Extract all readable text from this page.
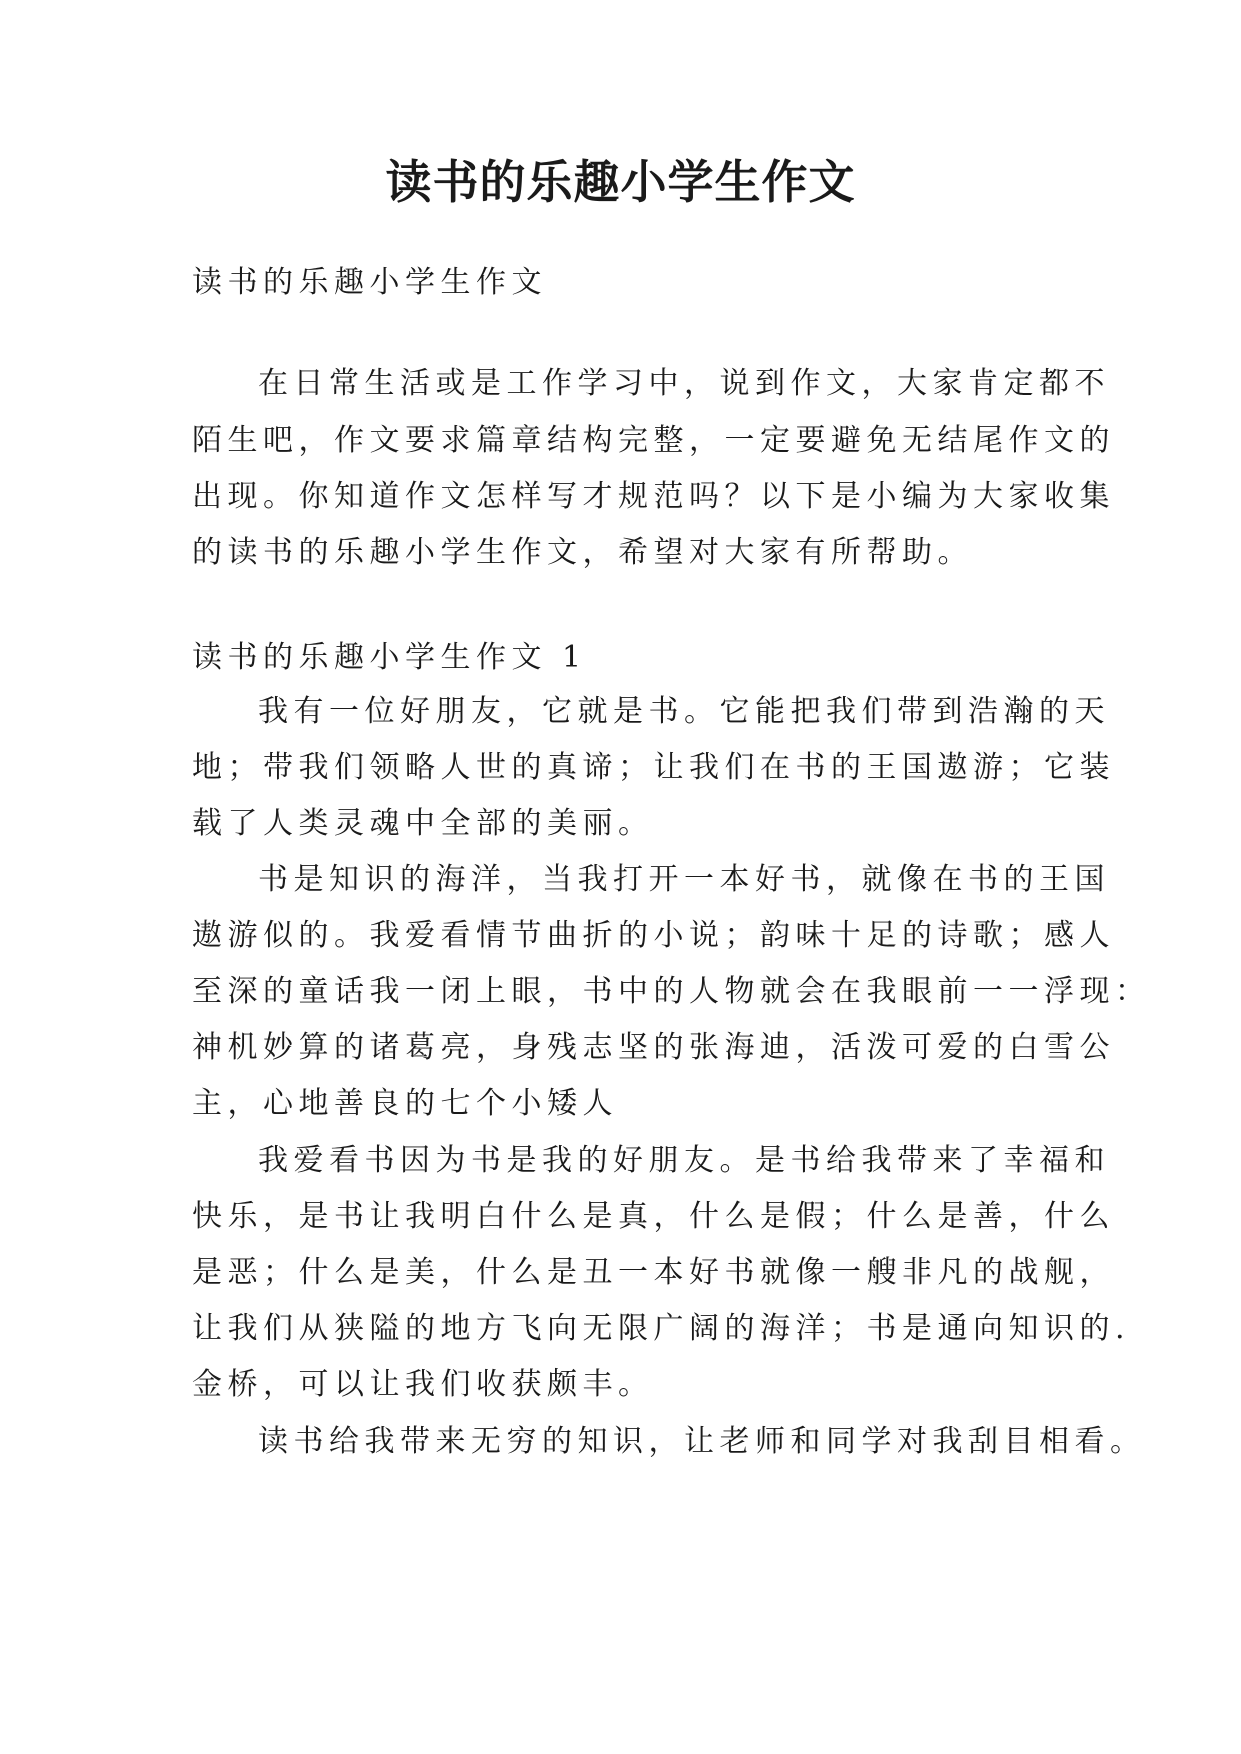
读书的乐趣小学生作文
读书的乐趣小学生作文
在日常生活或是工作学习中，说到作文，大家肯定都不
陌生吧，作文要求篇章结构完整，一定要避免无结尾作文的
出现。你知道作文怎样写才规范吗？以下是小编为大家收集
的读书的乐趣小学生作文，希望对大家有所帮助。
读书的乐趣小学生作文 1
我有一位好朋友，它就是书。它能把我们带到浩瀚的天
地；带我们领略人世的真谛；让我们在书的王国遨游；它装
载了人类灵魂中全部的美丽。
书是知识的海洋，当我打开一本好书，就像在书的王国
遨游似的。我爱看情节曲折的小说；韵味十足的诗歌；感人
至深的童话我一闭上眼，书中的人物就会在我眼前一一浮现：
神机妙算的诸葛亮，身残志坚的张海迪，活泼可爱的白雪公
主，心地善良的七个小矮人
我爱看书因为书是我的好朋友。是书给我带来了幸福和
快乐，是书让我明白什么是真，什么是假；什么是善，什么
是恶；什么是美，什么是丑一本好书就像一艘非凡的战舰，
让我们从狭隘的地方飞向无限广阔的海洋；书是通向知识的.
金桥，可以让我们收获颇丰。
读书给我带来无穷的知识，让老师和同学对我刮目相看。
